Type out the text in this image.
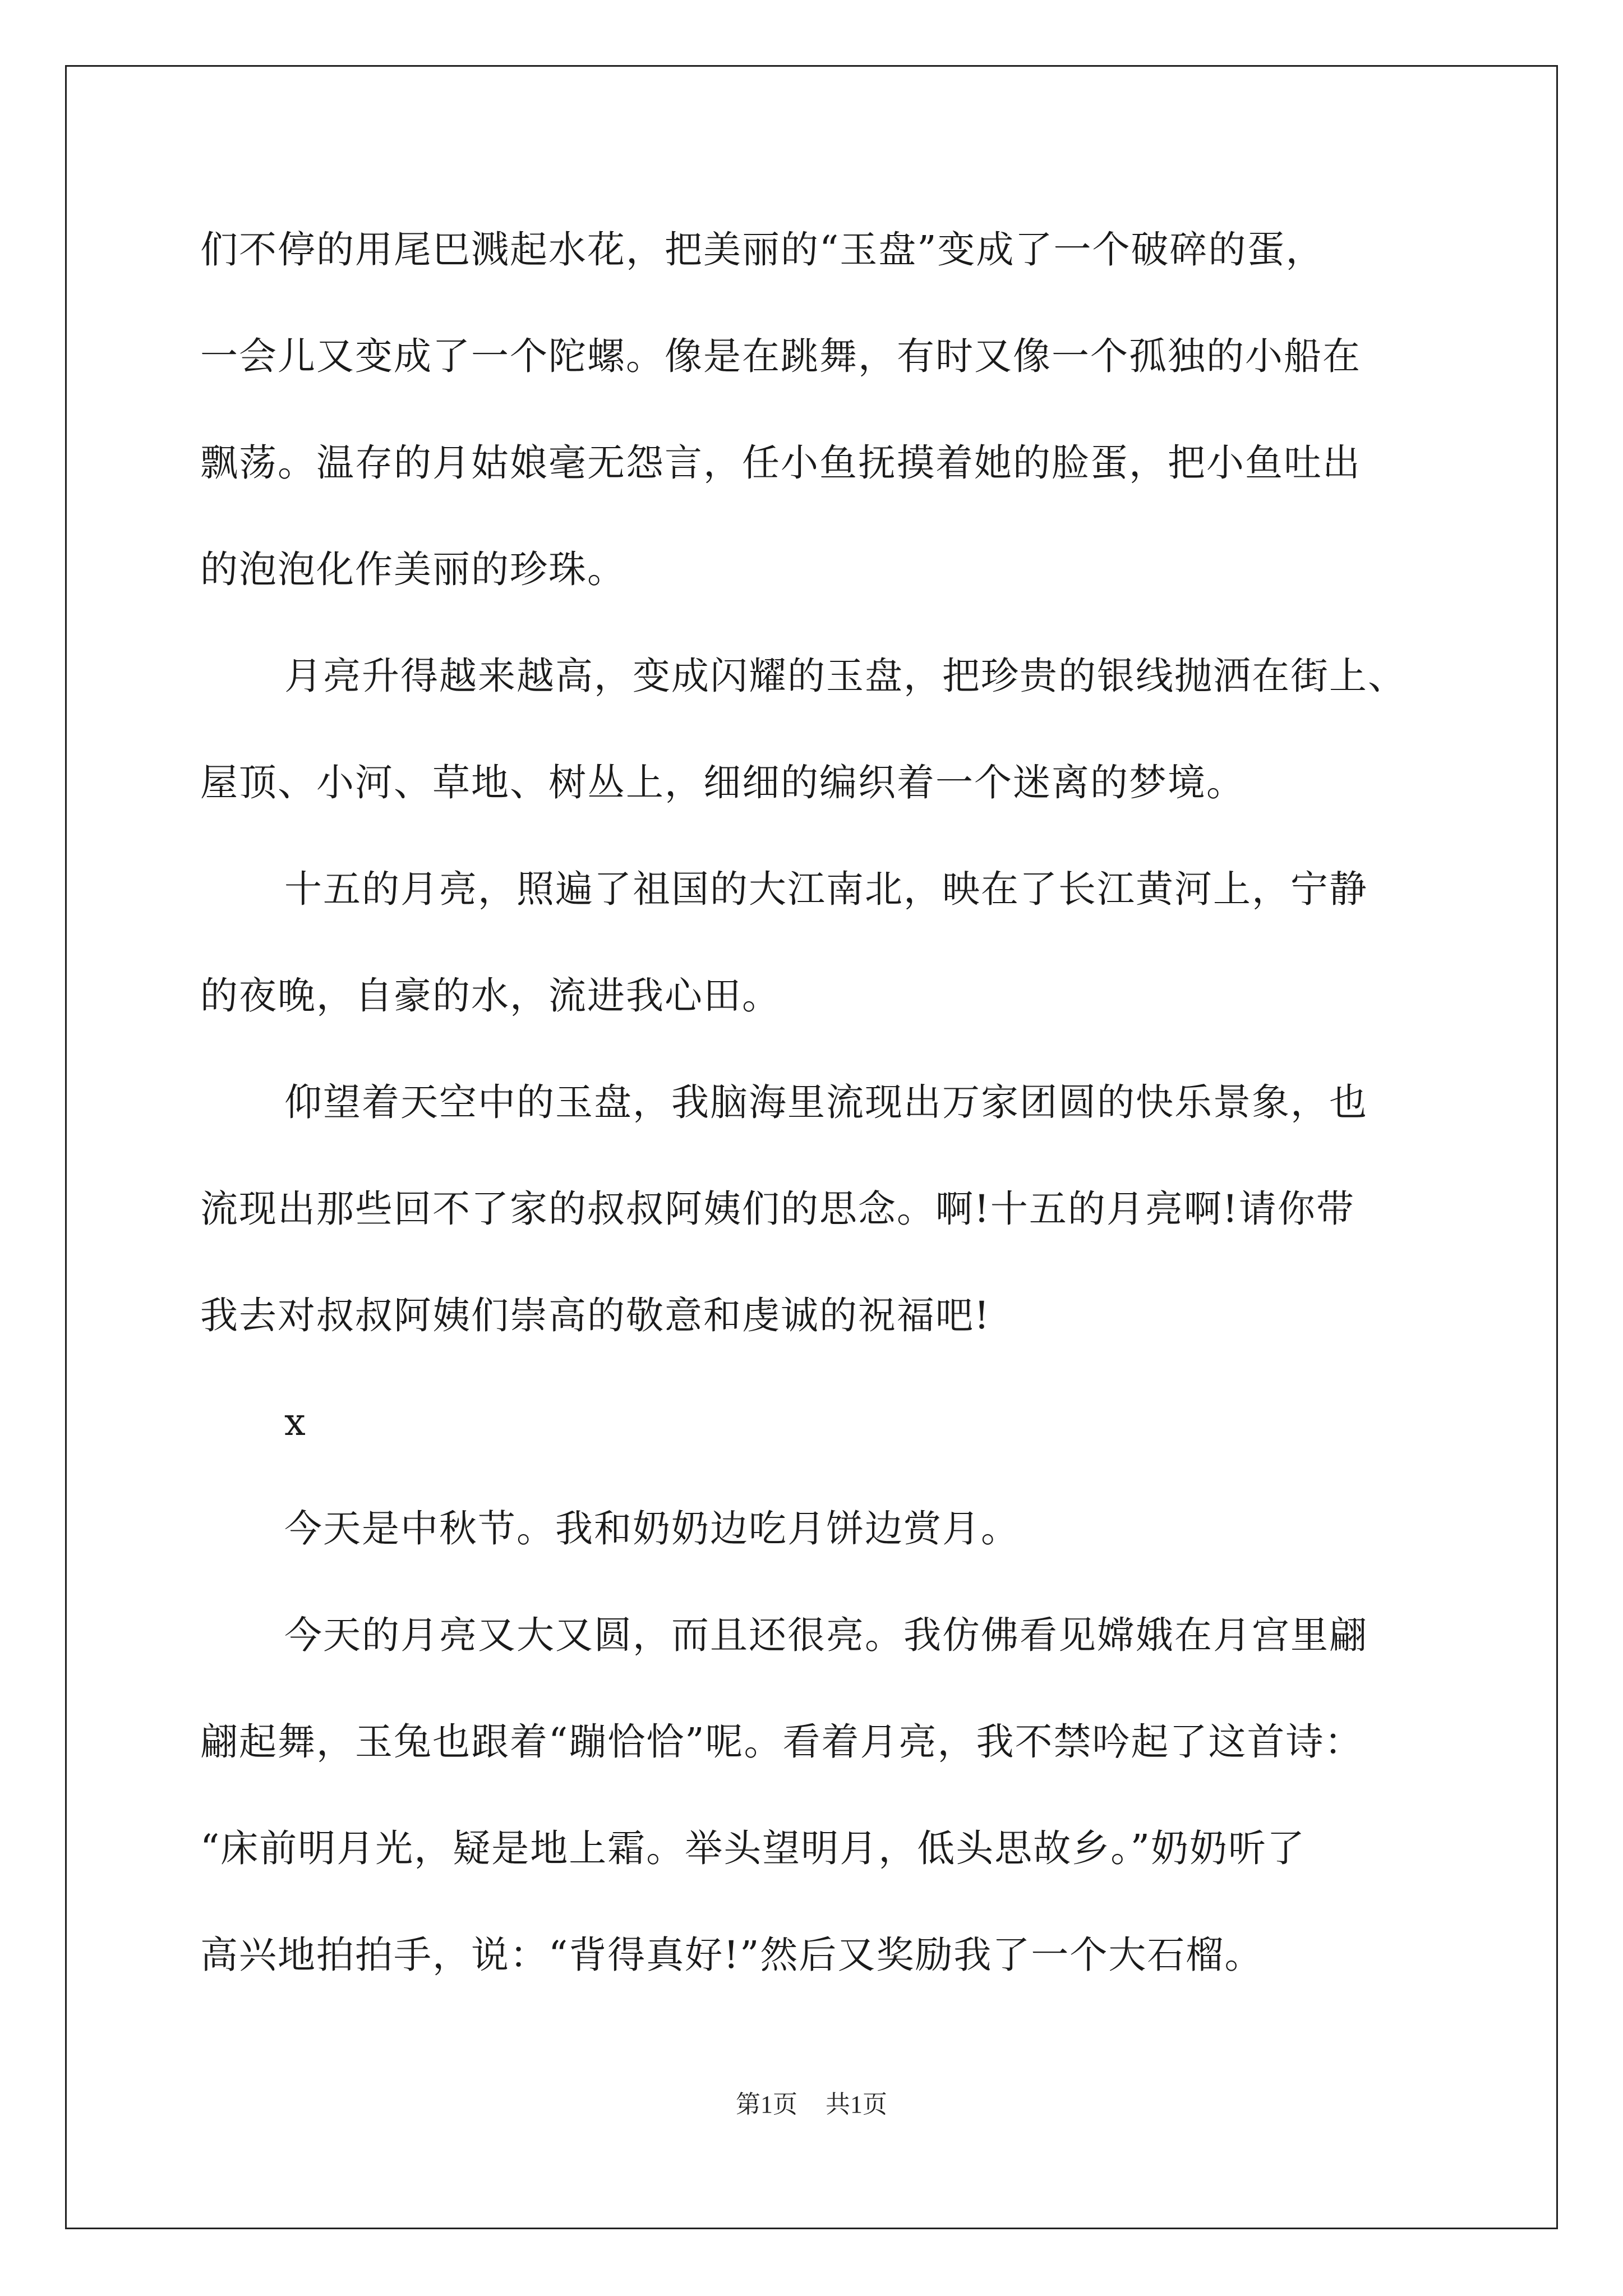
们不停的用尾巴溅起水花，把美丽的“玉盘”变成了一个破碎的蛋，
一会儿又变成了一个陀螺。像是在跳舞，有时又像一个孤独的小船在
飘荡。温存的月姑娘毫无怨言，任小鱼抚摸着她的脸蛋，把小鱼吐出
的泡泡化作美丽的珍珠。
月亮升得越来越高，变成闪耀的玉盘，把珍贵的银线抛洒在街上、
屋顶、小河、草地、树丛上，细细的编织着一个迷离的梦境。
十五的月亮，照遍了祖国的大江南北，映在了长江黄河上，宁静
的夜晚，自豪的水，流进我心田。
仰望着天空中的玉盘，我脑海里流现出万家团圆的快乐景象，也
流现出那些回不了家的叔叔阿姨们的思念。啊!十五的月亮啊!请你带
我去对叔叔阿姨们崇高的敬意和虔诚的祝福吧!
x
今天是中秋节。我和奶奶边吃月饼边赏月。
今天的月亮又大又圆，而且还很亮。我仿佛看见嫦娥在月宫里翩
翩起舞，玉兔也跟着“蹦恰恰”呢。看着月亮，我不禁吟起了这首诗：
“床前明月光，疑是地上霜。举头望明月，低头思故乡。”奶奶听了
高兴地拍拍手，说：“背得真好!”然后又奖励我了一个大石榴。
第1页 共1页
